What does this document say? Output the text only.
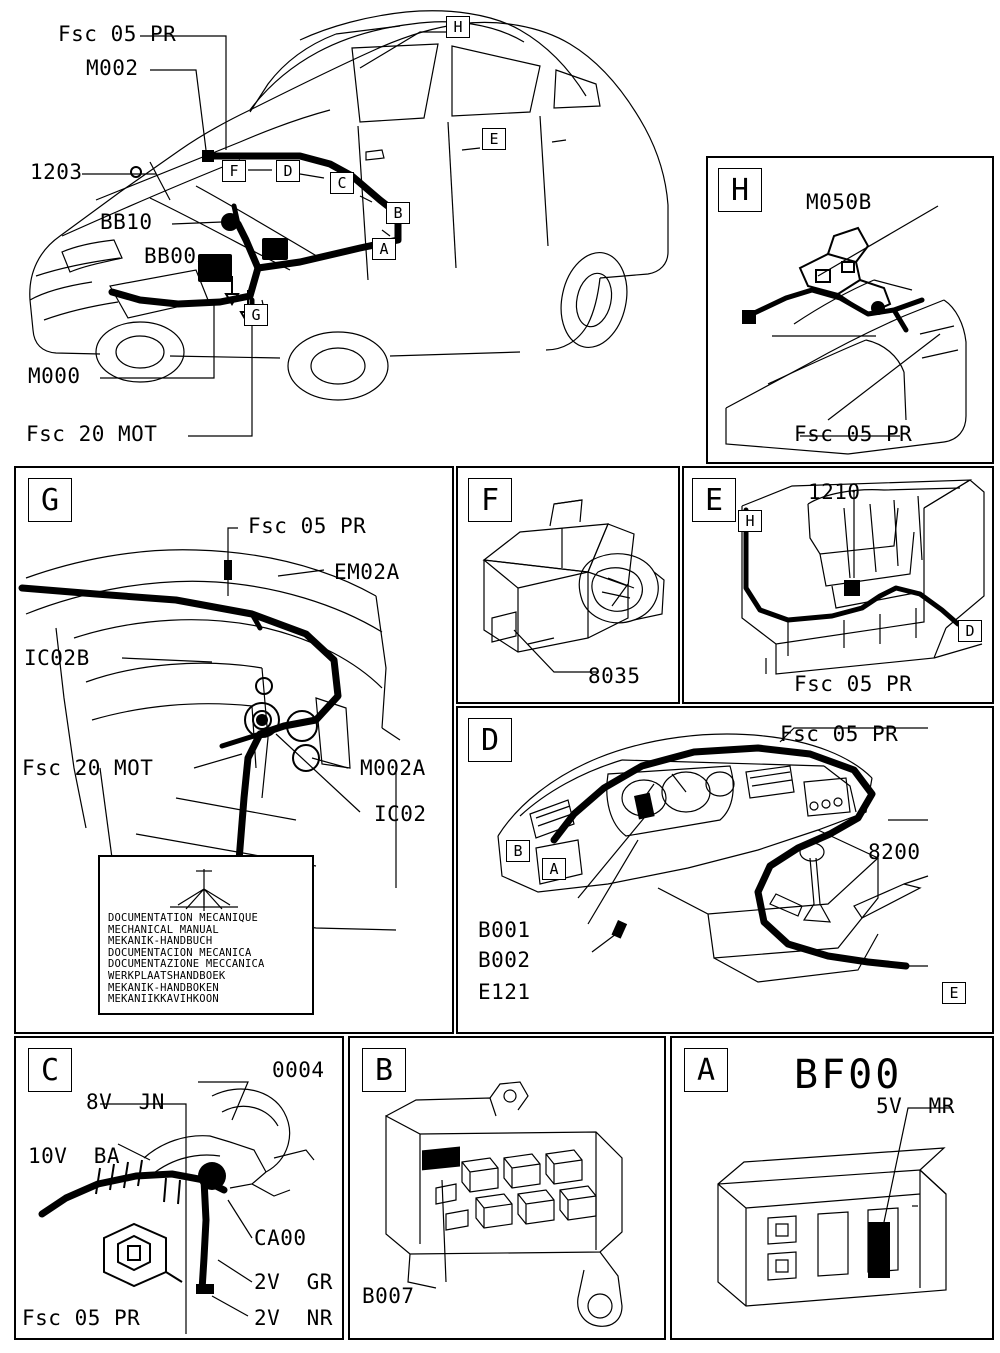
Fsc 05 PR
M002
1203
BB10
BB00
M000
Fsc 20 MOT
H
E
F	D
C
B
A
G
H	M050B
Fsc 05 PR
G
Fsc 05 PR
EM02A
IC02B
Fsc 20 MOT	M002A
IC02
DOCUMENTATION MECANIQUE
MECHANICAL MANUAL
MEKANIK-HANDBUCH
DOCUMENTACION MECANICA
DOCUMENTAZIONE MECCANICA
WERKPLAATSHANDBOEK
MEKANIK-HANDBOKEN
MEKANIIKKAVIHKOON
F
8035
E
H
D
1210
Fsc 05 PR
D
B
A
E
Fsc 05 PR
8200
B001
B002
E121
C	0004
8V  JN
10V  BA
CA00
2V  GR
2V  NR
Fsc 05 PR
B
B007
A	BF00
5V  MR
